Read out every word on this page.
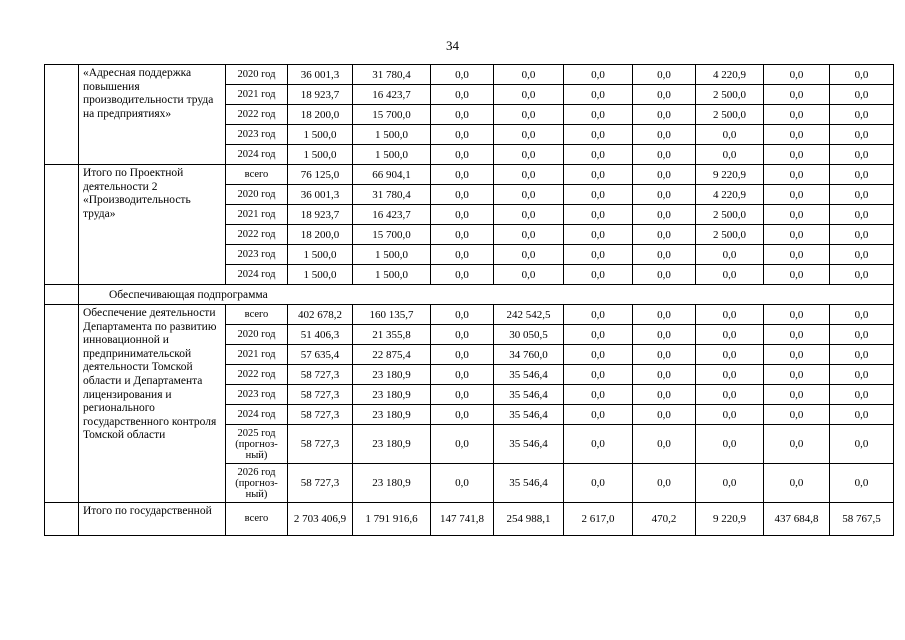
34
	«Адресная поддержка повышения производительности труда на предприятиях»	2020 год	36 001,3	31 780,4	0,0	0,0	0,0	0,0	4 220,9	0,0	0,0
		2021 год	18 923,7	16 423,7	0,0	0,0	0,0	0,0	2 500,0	0,0	0,0
		2022 год	18 200,0	15 700,0	0,0	0,0	0,0	0,0	2 500,0	0,0	0,0
		2023 год	1 500,0	1 500,0	0,0	0,0	0,0	0,0	0,0	0,0	0,0
		2024 год	1 500,0	1 500,0	0,0	0,0	0,0	0,0	0,0	0,0	0,0
	Итого по Проектной деятельности 2 «Производительность труда»	всего	76 125,0	66 904,1	0,0	0,0	0,0	0,0	9 220,9	0,0	0,0
		2020 год	36 001,3	31 780,4	0,0	0,0	0,0	0,0	4 220,9	0,0	0,0
		2021 год	18 923,7	16 423,7	0,0	0,0	0,0	0,0	2 500,0	0,0	0,0
		2022 год	18 200,0	15 700,0	0,0	0,0	0,0	0,0	2 500,0	0,0	0,0
		2023 год	1 500,0	1 500,0	0,0	0,0	0,0	0,0	0,0	0,0	0,0
		2024 год	1 500,0	1 500,0	0,0	0,0	0,0	0,0	0,0	0,0	0,0
	Обеспечивающая подпрограмма										
	Обеспечение деятельности Департамента по развитию инновационной и предпринимательской деятельности Томской области и Департамента лицензирования и регионального государственного контроля Томской области	всего	402 678,2	160 135,7	0,0	242 542,5	0,0	0,0	0,0	0,0	0,0
		2020 год	51 406,3	21 355,8	0,0	30 050,5	0,0	0,0	0,0	0,0	0,0
		2021 год	57 635,4	22 875,4	0,0	34 760,0	0,0	0,0	0,0	0,0	0,0
		2022 год	58 727,3	23 180,9	0,0	35 546,4	0,0	0,0	0,0	0,0	0,0
		2023 год	58 727,3	23 180,9	0,0	35 546,4	0,0	0,0	0,0	0,0	0,0
		2024 год	58 727,3	23 180,9	0,0	35 546,4	0,0	0,0	0,0	0,0	0,0
		2025 год (прогноз-ный)	58 727,3	23 180,9	0,0	35 546,4	0,0	0,0	0,0	0,0	0,0
		2026 год (прогноз-ный)	58 727,3	23 180,9	0,0	35 546,4	0,0	0,0	0,0	0,0	0,0
	Итого по государственной	всего	2 703 406,9	1 791 916,6	147 741,8	254 988,1	2 617,0	470,2	9 220,9	437 684,8	58 767,5
